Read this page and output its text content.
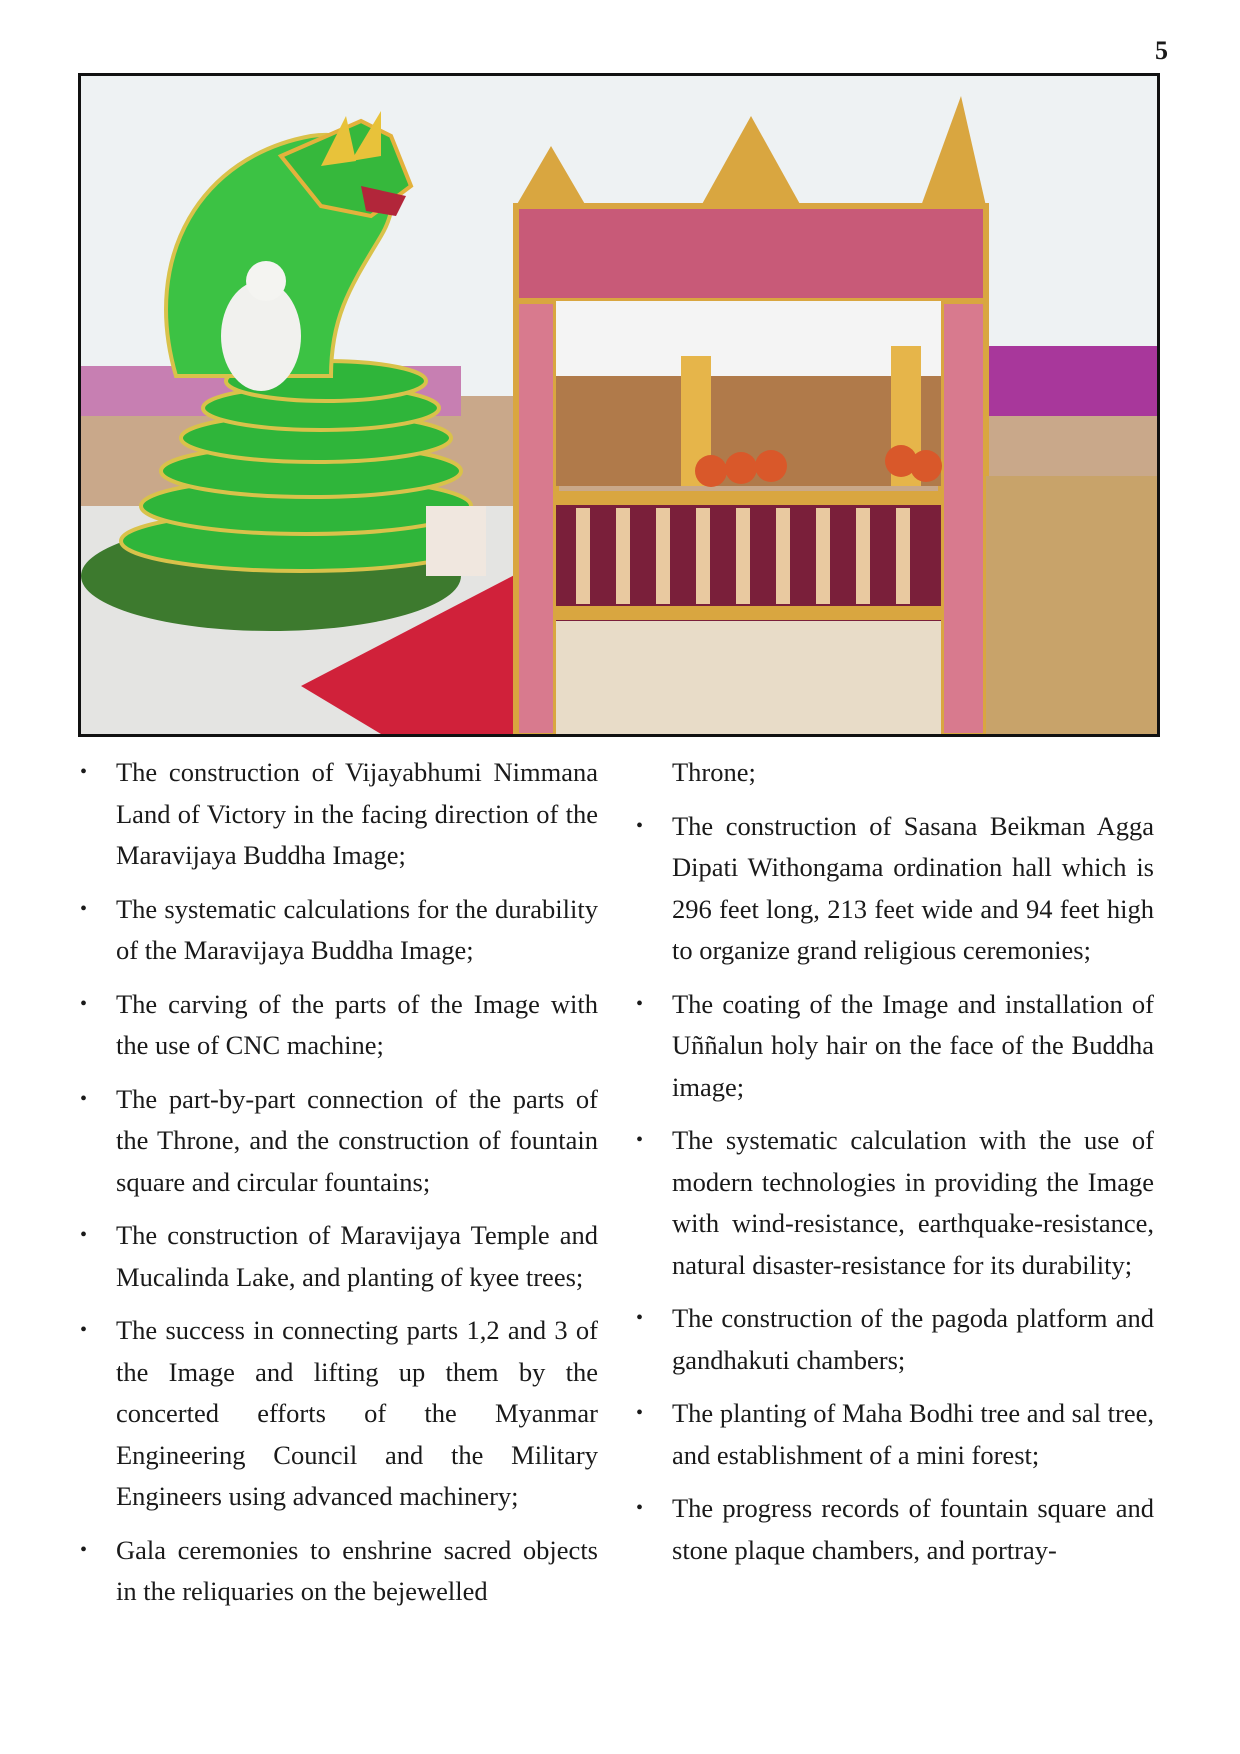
5
• The construction of Vijayabhumi Nimmana Land of Victory in the facing direction of the Maravijaya Buddha Image;
• The systematic calculations for the durability of the Maravijaya Buddha Image;
• The carving of the parts of the Image with the use of CNC machine;
• The part-by-part connection of the parts of the Throne, and the construction of fountain square and circular fountains;
• The construction of Maravijaya Temple and Mucalinda Lake, and planting of kyee trees;
• The success in connecting parts 1,2 and 3 of the Image and lifting up them by the concerted efforts of the Myanmar Engineering Council and the Military Engineers using advanced machinery;
• Gala ceremonies to enshrine sacred objects in the reliquaries on the bejewelled
Throne;
• The construction of Sasana Beikman Agga Dipati Withongama ordination hall which is 296 feet long, 213 feet wide and 94 feet high to organize grand religious ceremonies;
• The coating of the Image and installation of Uññalun holy hair on the face of the Buddha image;
• The systematic calculation with the use of modern technologies in providing the Image with wind-resistance, earthquake-resistance, natural disaster-resistance for its durability;
• The construction of the pagoda platform and gandhakuti chambers;
• The planting of Maha Bodhi tree and sal tree, and establishment of a mini forest;
• The progress records of fountain square and stone plaque chambers, and portray-
